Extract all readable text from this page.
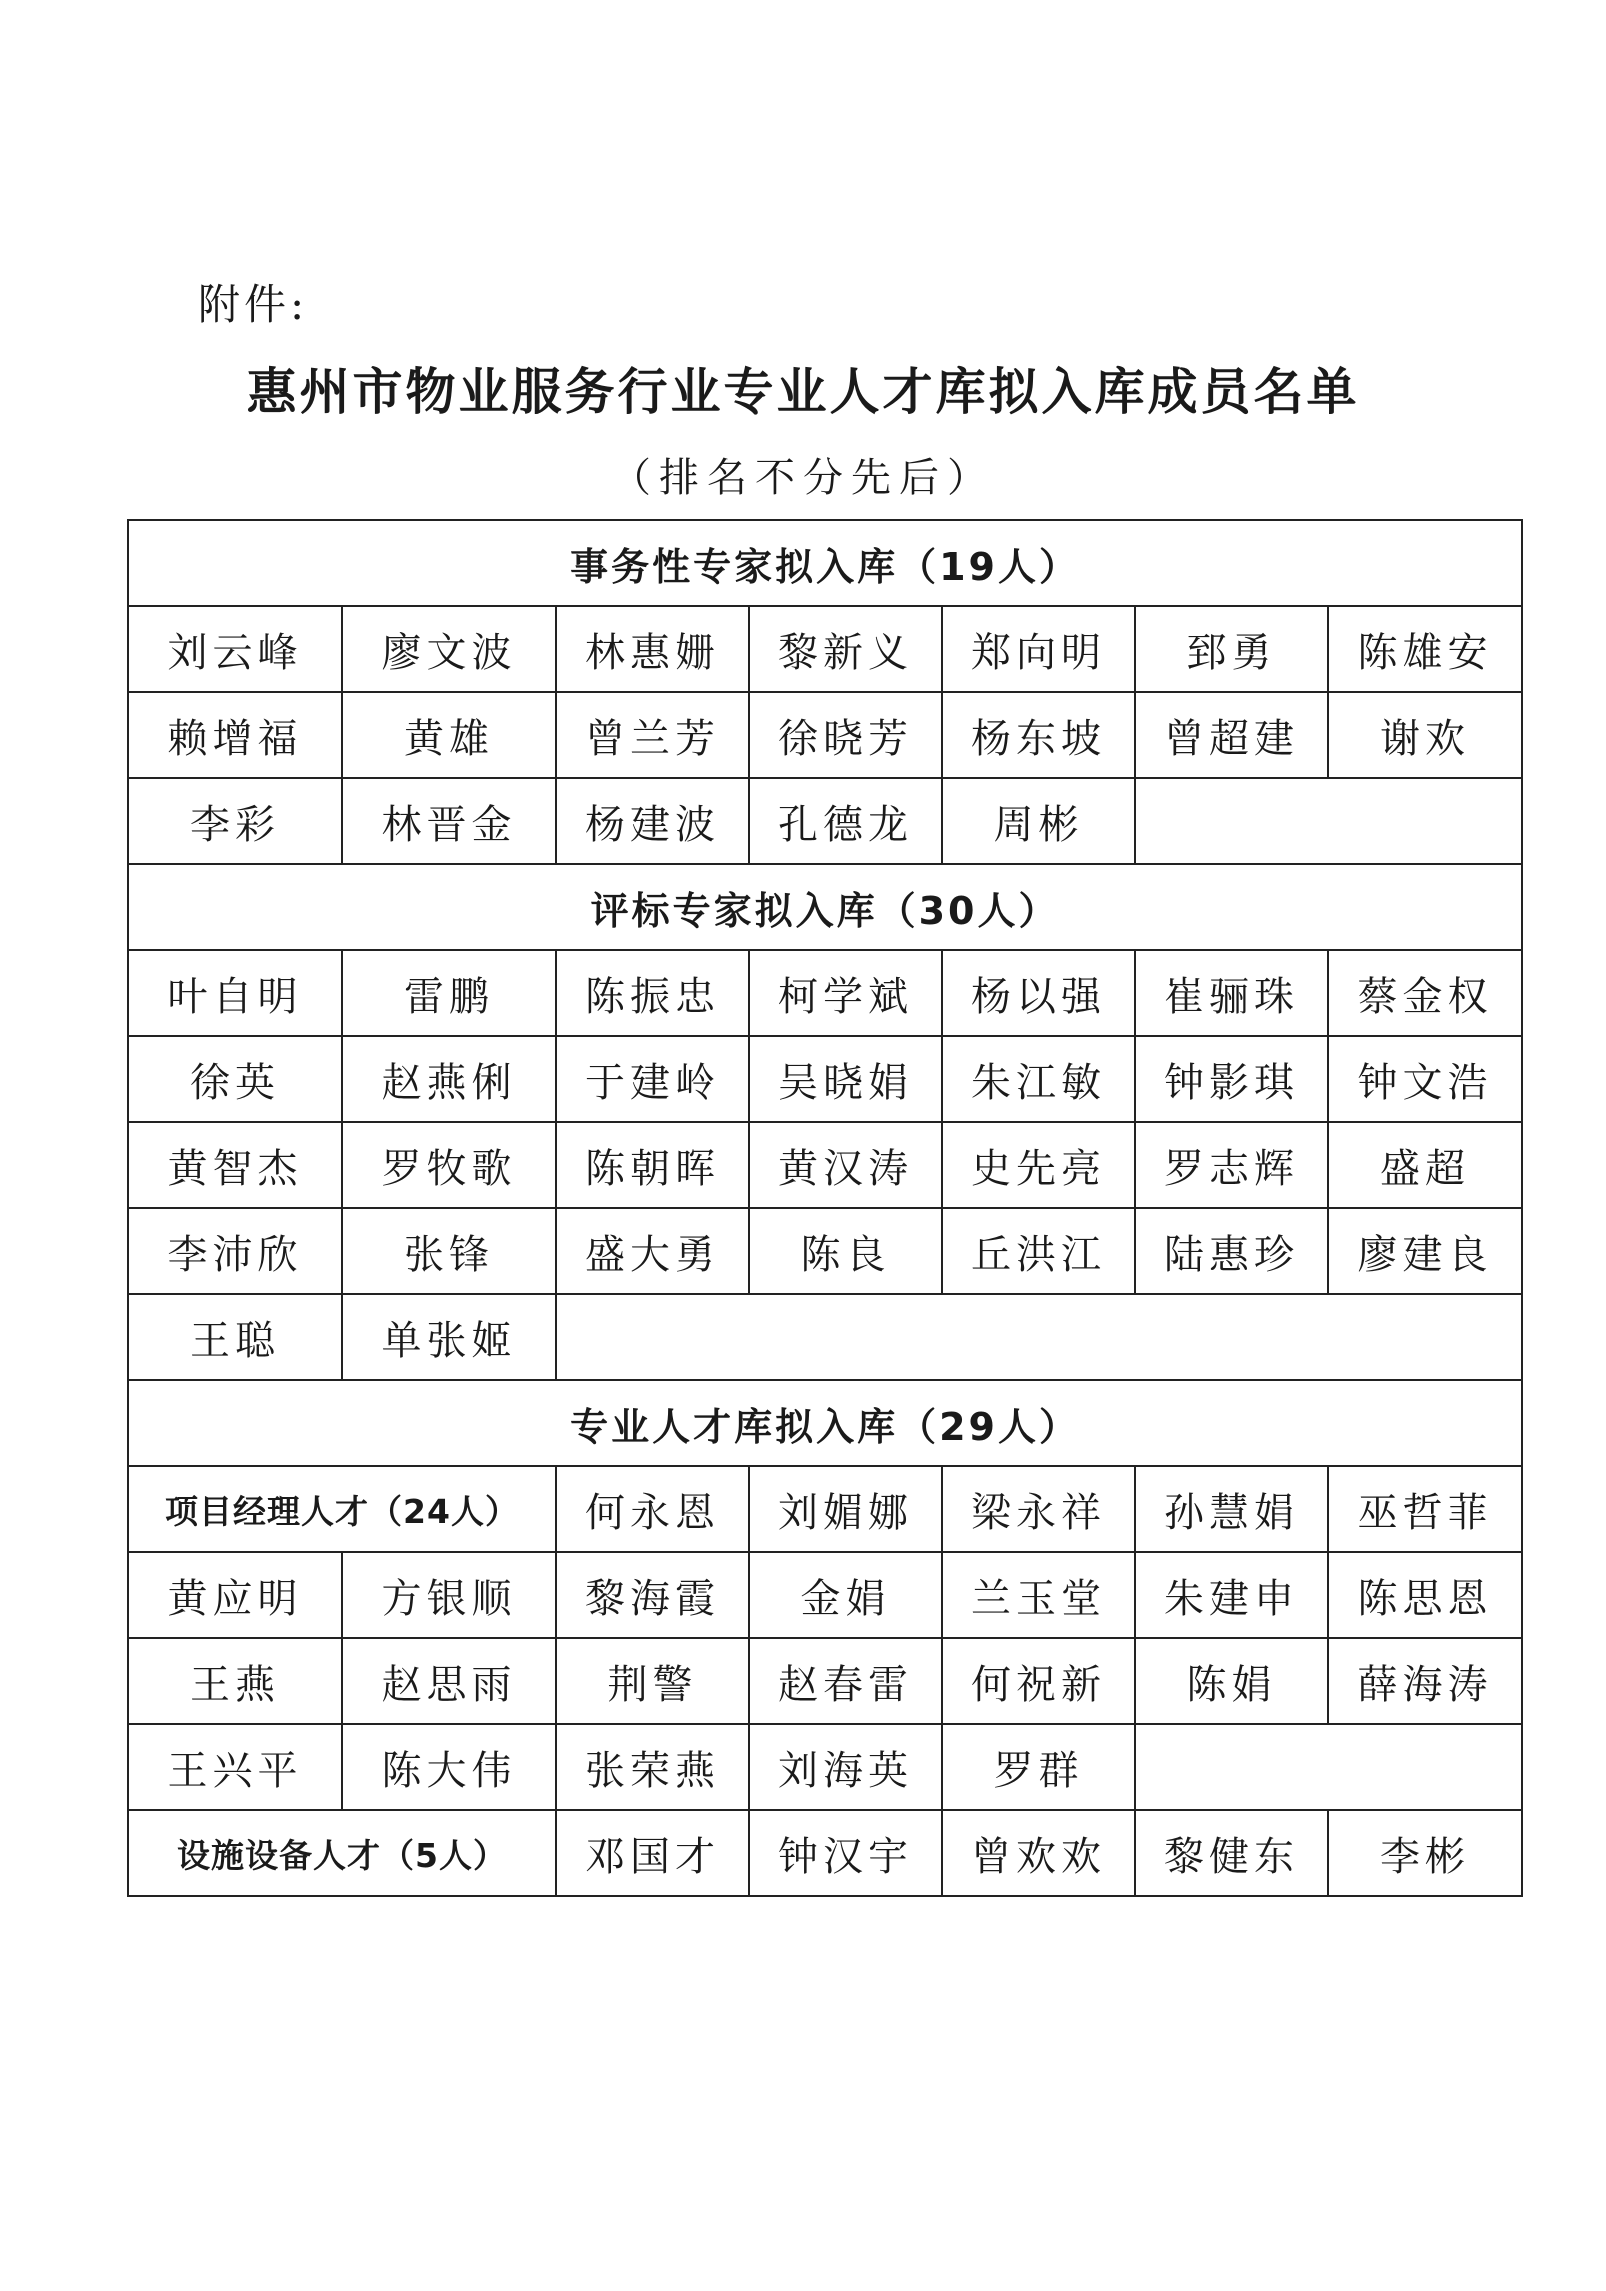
附件:
惠州市物业服务行业专业人才库拟入库成员名单
（排名不分先后）
事务性专家拟入库（19人）						
刘云峰	廖文波	林惠姗	黎新义	郑向明	郅勇	陈雄安
赖增福	黄雄	曾兰芳	徐晓芳	杨东坡	曾超建	谢欢
李彩	林晋金	杨建波	孔德龙	周彬		
评标专家拟入库（30人）						
叶自明	雷鹏	陈振忠	柯学斌	杨以强	崔骊珠	蔡金权
徐英	赵燕俐	于建岭	吴晓娟	朱江敏	钟影琪	钟文浩
黄智杰	罗牧歌	陈朝晖	黄汉涛	史先亮	罗志辉	盛超
李沛欣	张锋	盛大勇	陈良	丘洪江	陆惠珍	廖建良
王聪	单张姬					
专业人才库拟入库（29人）						
项目经理人才（24人）		何永恩	刘媚娜	梁永祥	孙慧娟	巫哲菲
黄应明	方银顺	黎海霞	金娟	兰玉堂	朱建申	陈思恩
王燕	赵思雨	荆警	赵春雷	何祝新	陈娟	薛海涛
王兴平	陈大伟	张荣燕	刘海英	罗群		
设施设备人才（5人）		邓国才	钟汉宇	曾欢欢	黎健东	李彬
